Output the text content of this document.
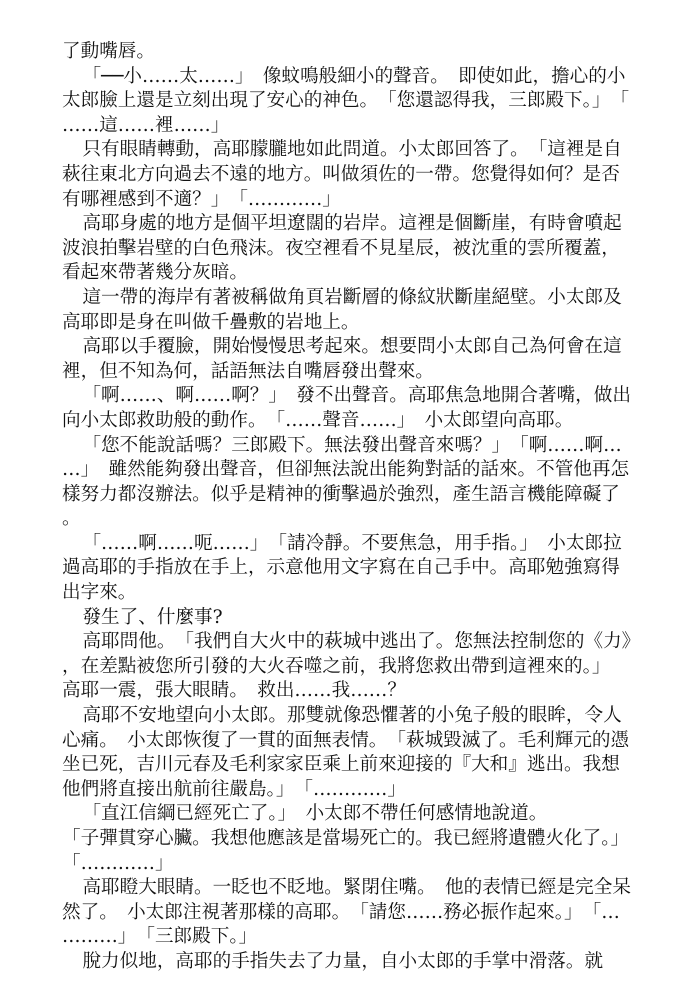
了動嘴唇。

「──小……太……」　像蚊鳴般細小的聲音。　即使如此，擔心的小太郎臉上還是立刻出現了安心的神色。　「您還認得我，三郎殿下。」　「……這……裡……」

只有眼睛轉動，高耶朦朧地如此問道。小太郎回答了。　「這裡是自萩往東北方向過去不遠的地方。叫做須佐的一帶。您覺得如何？是否有哪裡感到不適？」　「…………」

高耶身處的地方是個平坦遼闊的岩岸。這裡是個斷崖，有時會噴起波浪拍擊岩壁的白色飛沫。夜空裡看不見星辰，被沈重的雲所覆蓋，看起來帶著幾分灰暗。

這一帶的海岸有著被稱做角頁岩斷層的條紋狀斷崖絕壁。小太郎及高耶即是身在叫做千疊敷的岩地上。

高耶以手覆臉，開始慢慢思考起來。想要問小太郎自己為何會在這裡，但不知為何，話語無法自嘴唇發出聲來。

「啊……、啊……啊？」　發不出聲音。高耶焦急地開合著嘴，做出向小太郎救助般的動作。　「……聲音……」　小太郎望向高耶。

「您不能說話嗎？三郎殿下。無法發出聲音來嗎？」　「啊……啊……」　雖然能夠發出聲音，但卻無法說出能夠對話的話來。不管他再怎樣努力都沒辦法。似乎是精神的衝擊過於強烈，產生語言機能障礙了。

「……啊……呃……」　「請冷靜。不要焦急，用手指。」　小太郎拉過高耶的手指放在手上，示意他用文字寫在自己手中。高耶勉強寫得出字來。

發生了、什麼事?

高耶問他。　「我們自大火中的萩城中逃出了。您無法控制您的《力》，在差點被您所引發的大火吞噬之前，我將您救出帶到這裡來的。」　高耶一震，張大眼睛。　救出……我……？

高耶不安地望向小太郎。那雙就像恐懼著的小兔子般的眼眸，令人心痛。　小太郎恢復了一貫的面無表情。　「萩城毀滅了。毛利輝元的憑坐已死，吉川元春及毛利家家臣乘上前來迎接的『大和』逃出。我想他們將直接出航前往嚴島。」　「…………」

「直江信綱已經死亡了。」　小太郎不帶任何感情地說道。

「子彈貫穿心臟。我想他應該是當場死亡的。我已經將遺體火化了。」　「…………」

高耶瞪大眼睛。一眨也不眨地。緊閉住嘴。　他的表情已經是完全呆然了。　小太郎注視著那樣的高耶。　「請您……務必振作起來。」　「…………」　「三郎殿下。」

脫力似地，高耶的手指失去了力量，自小太郎的手掌中滑落。就
